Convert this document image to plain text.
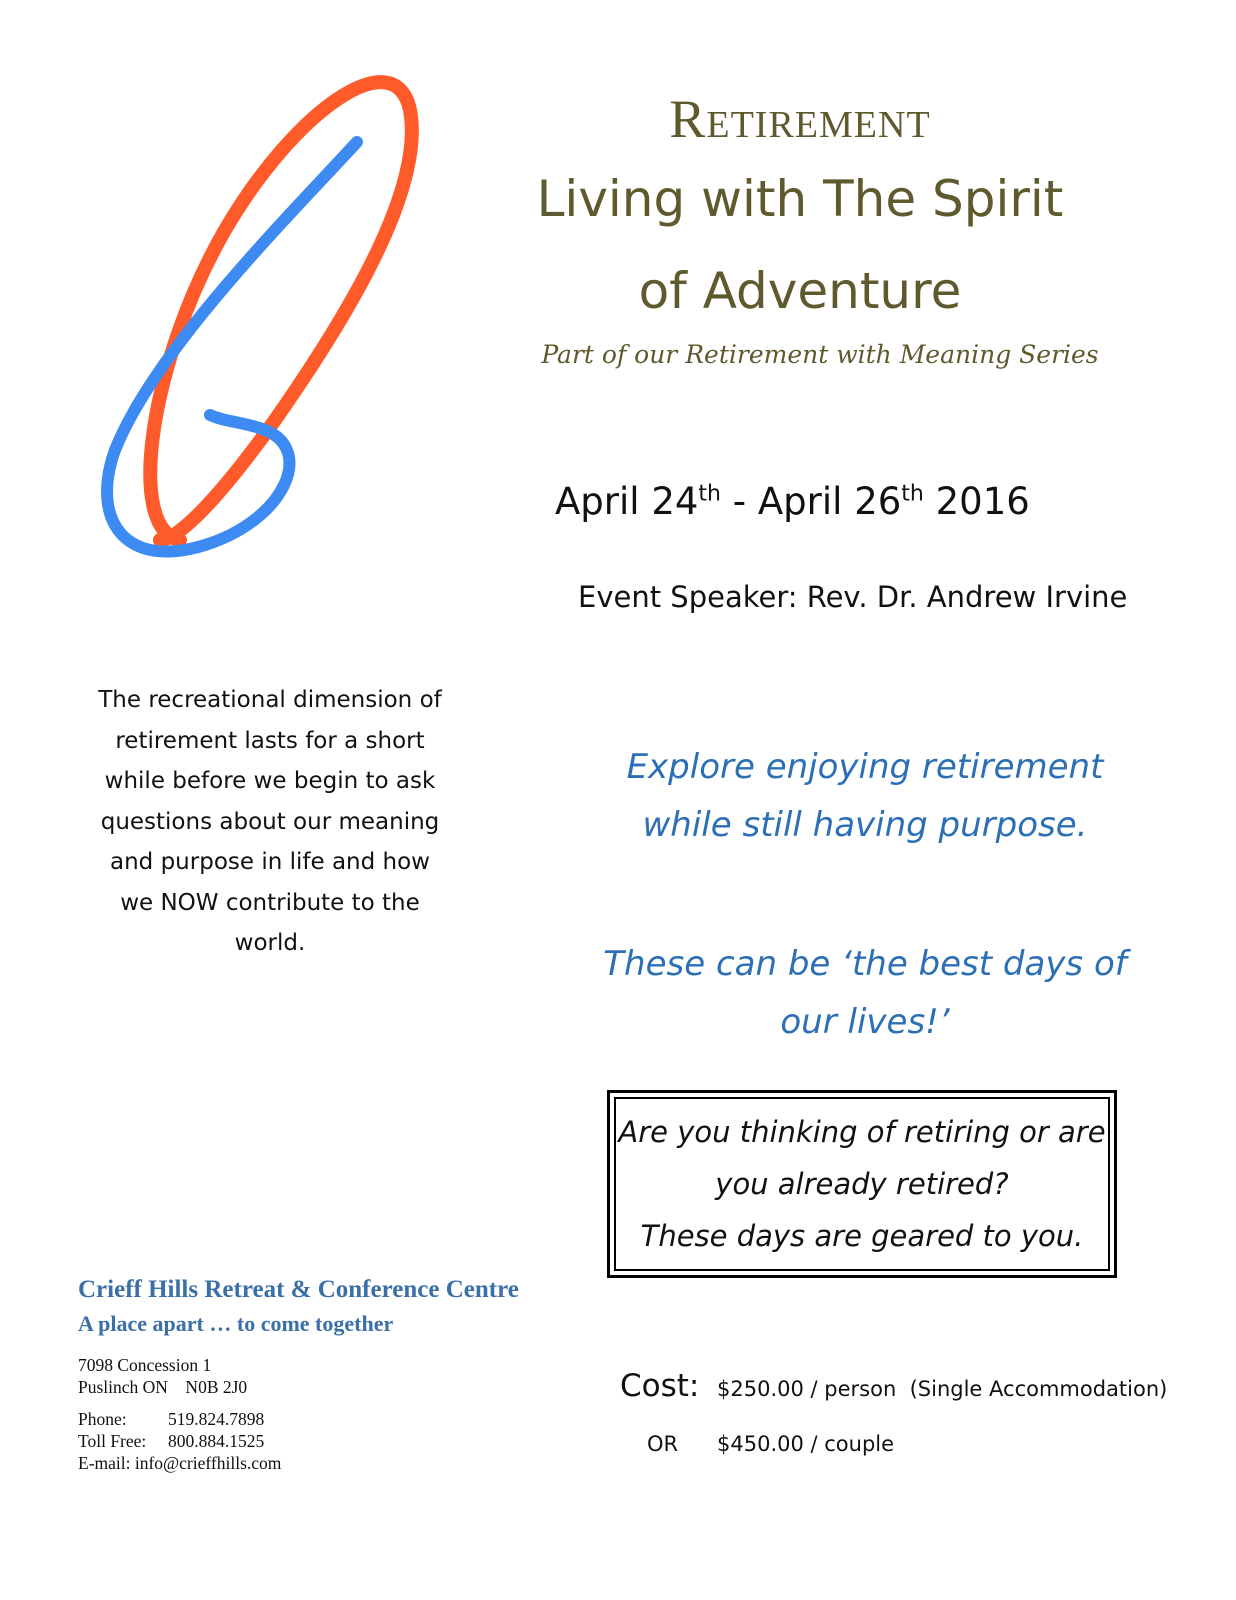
Retirement
Living with The Spirit
of Adventure
Part of our Retirement with Meaning Series
April 24th - April 26th 2016
Event Speaker: Rev. Dr. Andrew Irvine
The recreational dimension of retirement lasts for a short while before we begin to ask questions about our meaning and purpose in life and how we NOW contribute to the world.
Explore enjoying retirement while still having purpose.
These can be ‘the best days of our lives!’
Are you thinking of retiring or are
you already retired?
These days are geared to you.
Crieff Hills Retreat & Conference Centre
A place apart … to come together
7098 Concession 1
Puslinch ON    N0B 2J0
Phone: 519.824.7898
Toll Free: 800.884.1525
E-mail: info@crieffhills.com
Cost: $250.00 / person  (Single Accommodation)
OR $450.00 / couple
